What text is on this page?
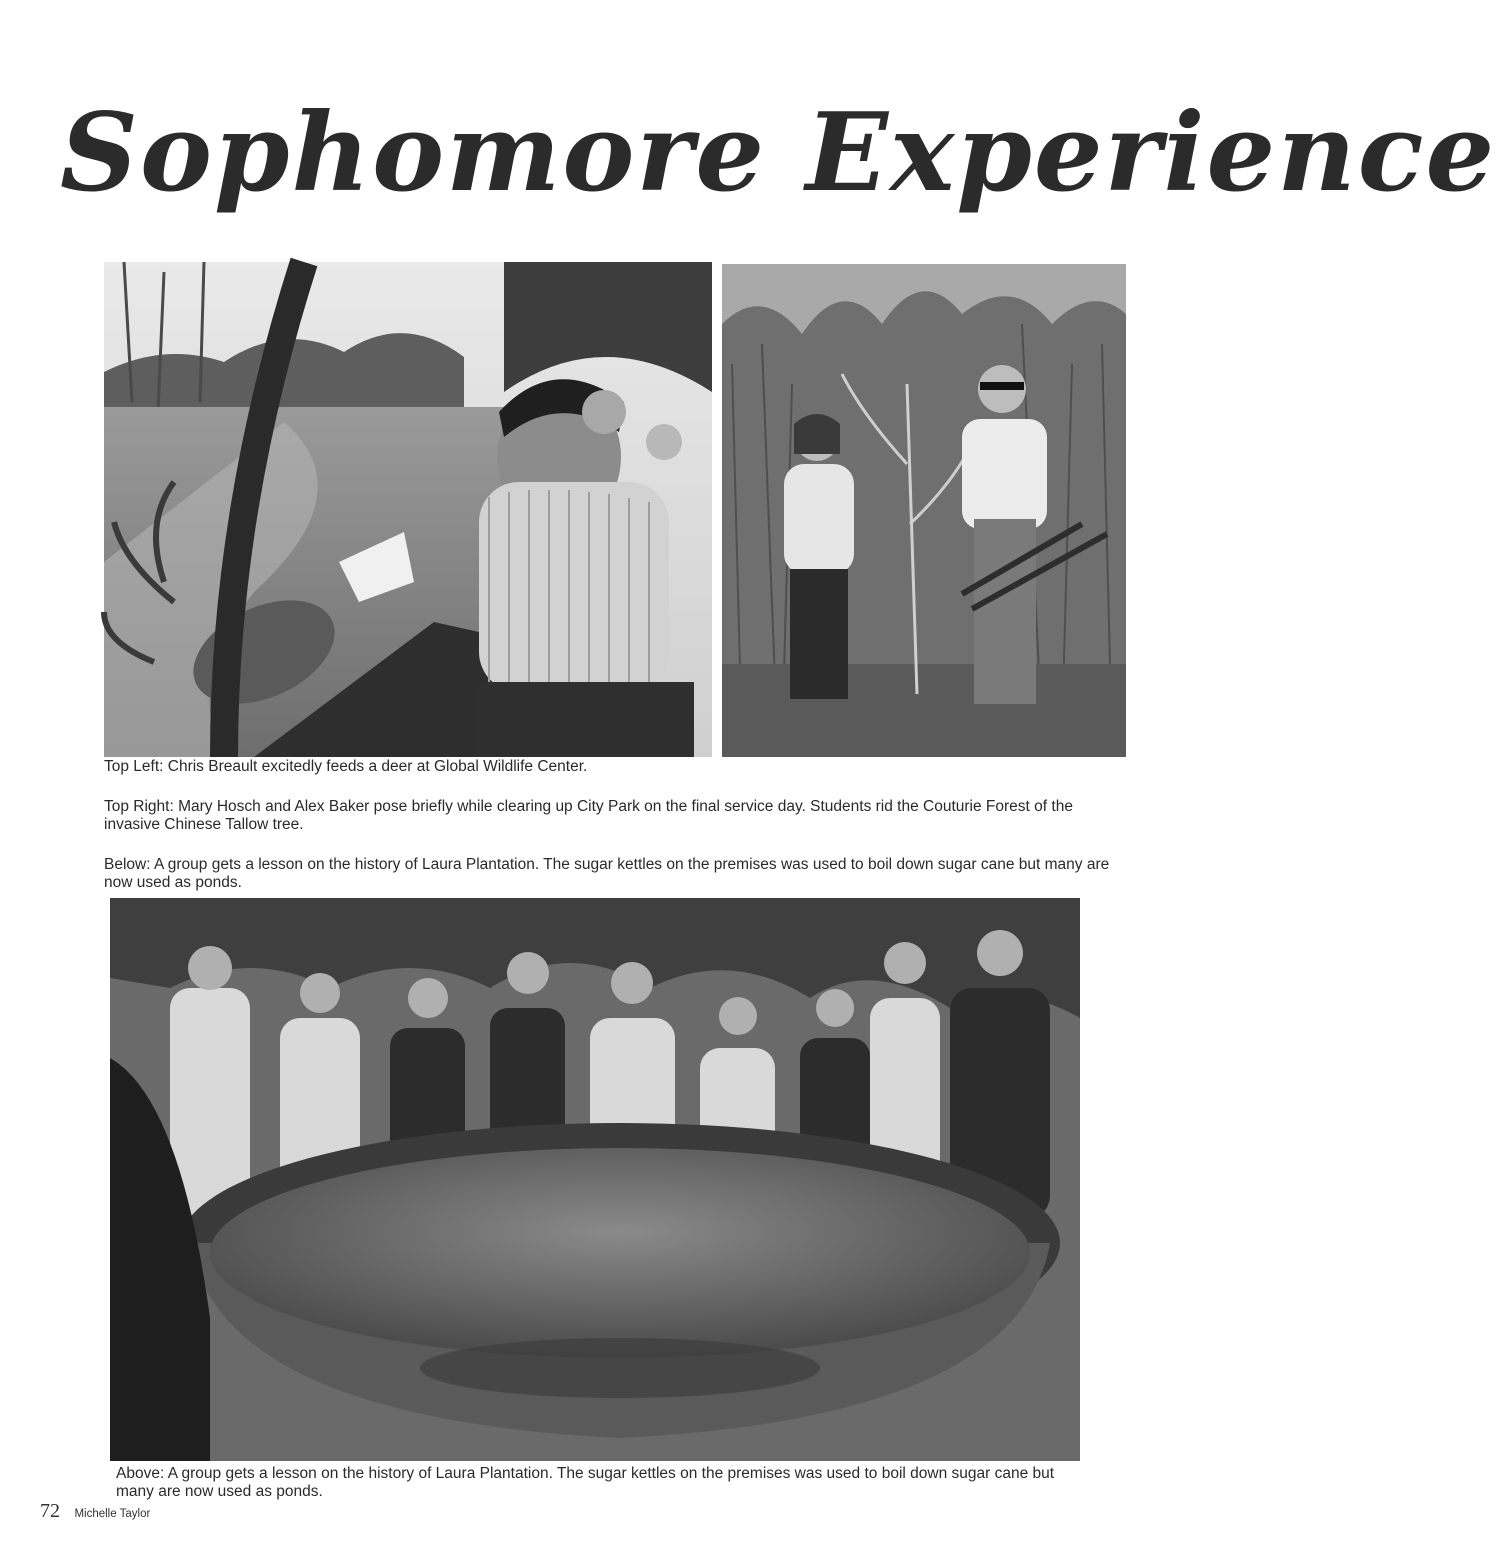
Sophomore Experience

Top Left: Chris Breault excitedly feeds a deer at Global Wildlife Center.

Top Right: Mary Hosch and Alex Baker pose briefly while clearing up City Park on the final service day. Students rid the Couturie Forest of the invasive Chinese Tallow tree.

Below: A group gets a lesson on the history of Laura Plantation. The sugar kettles on the premises was used to boil down sugar cane but many are now used as ponds.

Above: A group gets a lesson on the history of Laura Plantation. The sugar kettles on the premises was used to boil down sugar cane but many are now used as ponds.

72 Michelle Taylor
